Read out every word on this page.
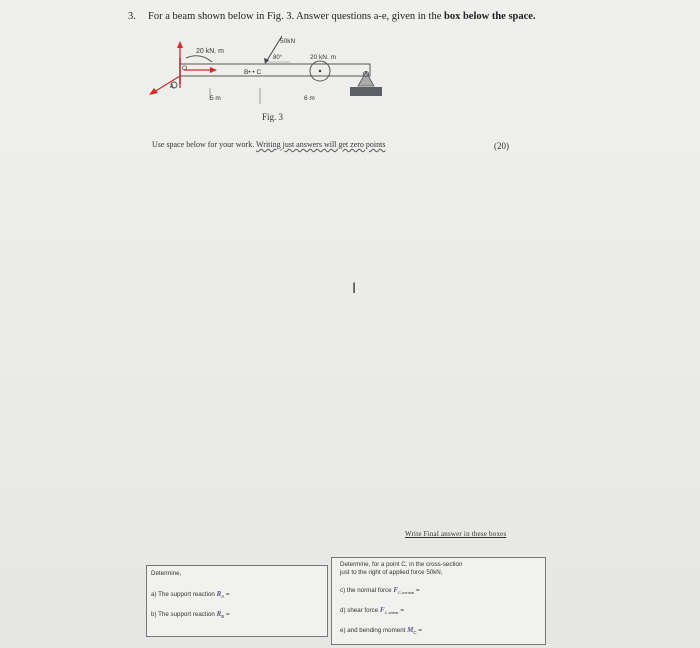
3. For a beam shown below in Fig. 3. Answer questions a-e, given in the box below the space.
50kN
80°
20 kN. m
20 kN. m
B• • C
O
A
5 m	6 m
Fig. 3
Use space below for your work. Writing just answers will get zero points	(20)
I
Write Final answer in these boxes
Determine,
a) The support reaction $R_A$ =
b) The support reaction $R_B$ =
Determine, for a point C, in the cross-section
just to the right of applied force 50kN,
c) the normal force $F_{C,normal}$ =
d) shear force $F_{C,shear}$ =
e) and bending moment $M_C$ =
